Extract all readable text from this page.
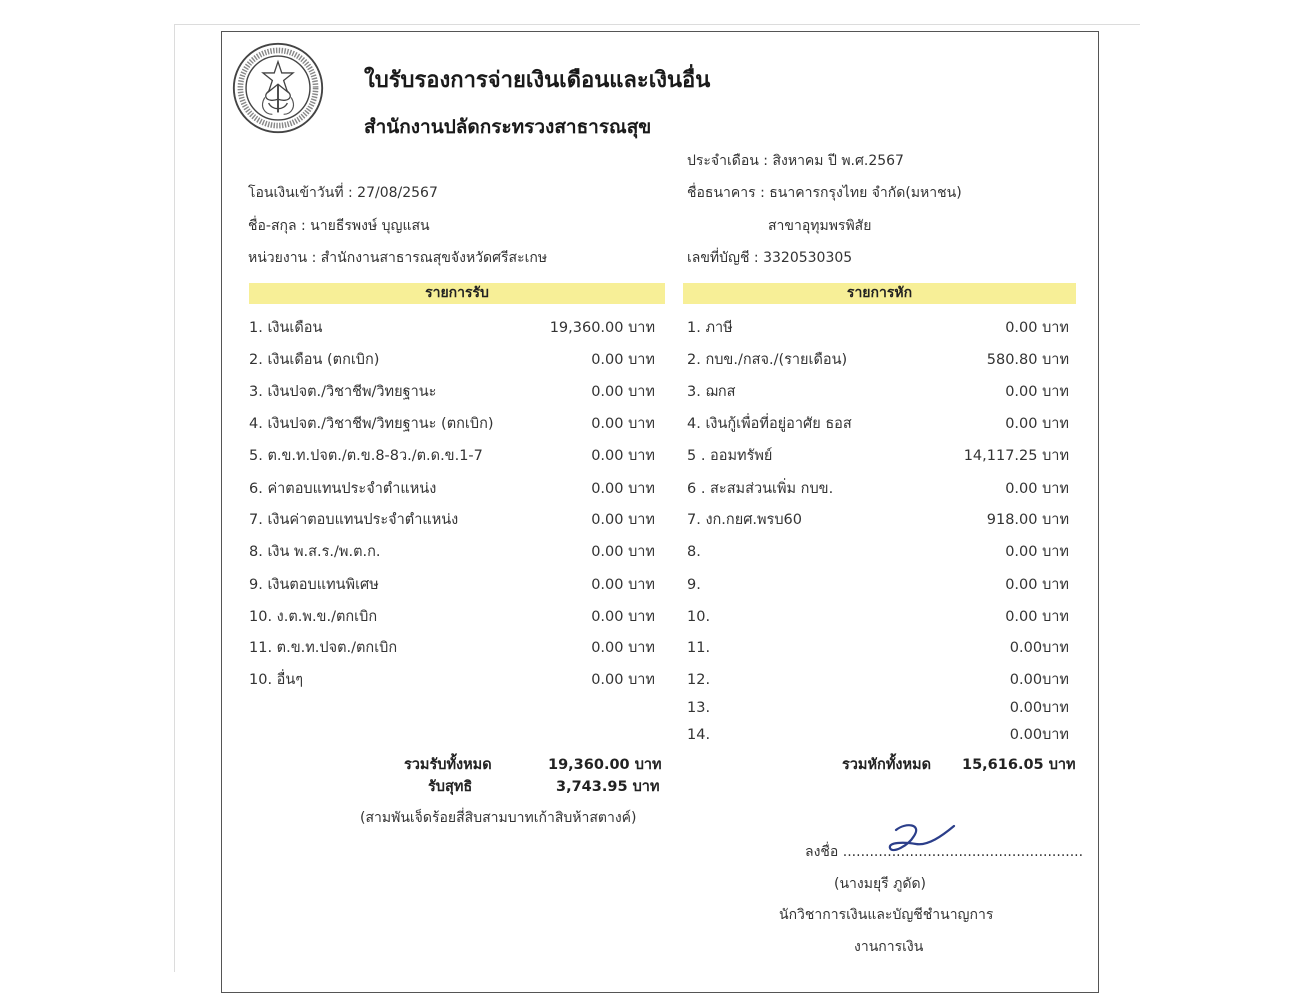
ใบรับรองการจ่ายเงินเดือนและเงินอื่น
สำนักงานปลัดกระทรวงสาธารณสุข
ประจำเดือน : สิงหาคม ปี พ.ศ.2567
โอนเงินเข้าวันที่ : 27/08/2567	ชื่อธนาคาร : ธนาคารกรุงไทย จำกัด(มหาชน)
ชื่อ-สกุล : นายธีรพงษ์ บุญแสน	สาขาอุทุมพรพิสัย
หน่วยงาน : สำนักงานสาธารณสุขจังหวัดศรีสะเกษ	เลขที่บัญชี : 3320530305
รายการรับ	รายการหัก
1. เงินเดือน	19,360.00 บาท
2. เงินเดือน (ตกเบิก)	0.00 บาท
3. เงินปจต./วิชาชีพ/วิทยฐานะ	0.00 บาท
4. เงินปจต./วิชาชีพ/วิทยฐานะ (ตกเบิก)	0.00 บาท
5. ต.ข.ท.ปจต./ต.ข.8-8ว./ต.ด.ข.1-7	0.00 บาท
6. ค่าตอบแทนประจำตำแหน่ง	0.00 บาท
7. เงินค่าตอบแทนประจำตำแหน่ง	0.00 บาท
8. เงิน พ.ส.ร./พ.ต.ก.	0.00 บาท
9. เงินตอบแทนพิเศษ	0.00 บาท
10. ง.ต.พ.ข./ตกเบิก	0.00 บาท
11. ต.ข.ท.ปจต./ตกเบิก	0.00 บาท
10. อื่นๆ	0.00 บาท
1. ภาษี	0.00 บาท
2. กบข./กสจ./(รายเดือน)	580.80 บาท
3. ฌกส	0.00 บาท
4. เงินกู้เพื่อที่อยู่อาศัย ธอส	0.00 บาท
5 . ออมทรัพย์	14,117.25 บาท
6 . สะสมส่วนเพิ่ม กบข.	0.00 บาท
7. งก.กยศ.พรบ60	918.00 บาท
8.	0.00 บาท
9.	0.00 บาท
10.	0.00 บาท
11.	0.00บาท
12.	0.00บาท
13.	0.00บาท
14.	0.00บาท
รวมรับทั้งหมด	19,360.00 บาท
รับสุทธิ	3,743.95 บาท
(สามพันเจ็ดร้อยสี่สิบสามบาทเก้าสิบห้าสตางค์)
รวมหักทั้งหมด 15,616.05 บาท
ลงชื่อ ......................................................
(นางมยุรี ภูดัด)
นักวิชาการเงินและบัญชีชำนาญการ
งานการเงิน
